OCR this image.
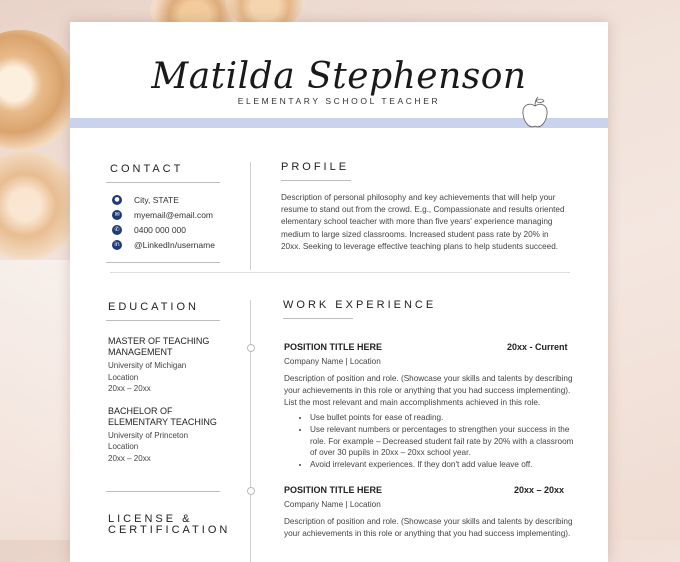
Matilda Stephenson
ELEMENTARY SCHOOL TEACHER
CONTACT
● City, STATE
✉ myemail@email.com
✆ 0400 000 000
in @LinkedIn/username
PROFILE
Description of personal philosophy and key achievements that will help your resume to stand out from the crowd. E.g., Compassionate and results oriented elementary school teacher with more than five years' experience managing medium to large sized classrooms. Increased student pass rate by 20% in 20xx. Seeking to leverage effective teaching plans to help students succeed.
EDUCATION
MASTER OF TEACHING MANAGEMENT
University of Michigan
Location
20xx – 20xx
BACHELOR OF ELEMENTARY TEACHING
University of Princeton
Location
20xx – 20xx
LICENSE &
CERTIFICATION
WORK EXPERIENCE
POSITION TITLE HERE	20xx - Current
Company Name | Location
Description of position and role. (Showcase your skills and talents by describing your achievements in this role or anything that you had success implementing). List the most relevant and main accomplishments achieved in this role.
• Use bullet points for ease of reading.
• Use relevant numbers or percentages to strengthen your success in the role. For example – Decreased student fail rate by 20% with a classroom of over 30 pupils in 20xx – 20xx school year.
• Avoid irrelevant experiences. If they don't add value leave off.
POSITION TITLE HERE	20xx – 20xx
Company Name | Location
Description of position and role. (Showcase your skills and talents by describing your achievements in this role or anything that you had success implementing).
